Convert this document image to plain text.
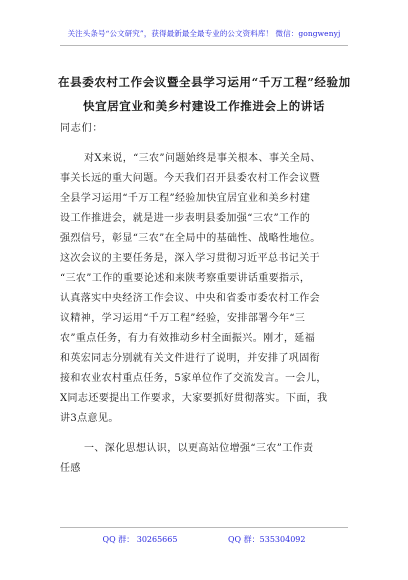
关注头条号“公文研究”，获得最新最全最专业的公文资料库！ 微信：gongwenyj
在县委农村工作会议暨全县学习运用“千万工程”经验加
快宜居宜业和美乡村建设工作推进会上的讲话
同志们：
对X来说，“三农”问题始终是事关根本、事关全局、
事关长远的重大问题。今天我们召开县委农村工作会议暨
全县学习运用“千万工程”经验加快宜居宜业和美乡村建
设工作推进会，就是进一步表明县委加强“三农”工作的
强烈信号，彰显“三农”在全局中的基础性、战略性地位。
这次会议的主要任务是，深入学习贯彻习近平总书记关于
“三农”工作的重要论述和来陕考察重要讲话重要指示，
认真落实中央经济工作会议、中央和省委市委农村工作会
议精神，学习运用“千万工程”经验，安排部署今年“三
农”重点任务，有力有效推动乡村全面振兴。刚才，延福
和英宏同志分别就有关文件进行了说明，并安排了巩固衔
接和农业农村重点任务，5家单位作了交流发言。一会儿，
X同志还要提出工作要求，大家要抓好贯彻落实。下面，我
讲3点意见。
一、深化思想认识，以更高站位增强“三农”工作责
任感
QQ 群： 30265665	QQ 群：535304092
